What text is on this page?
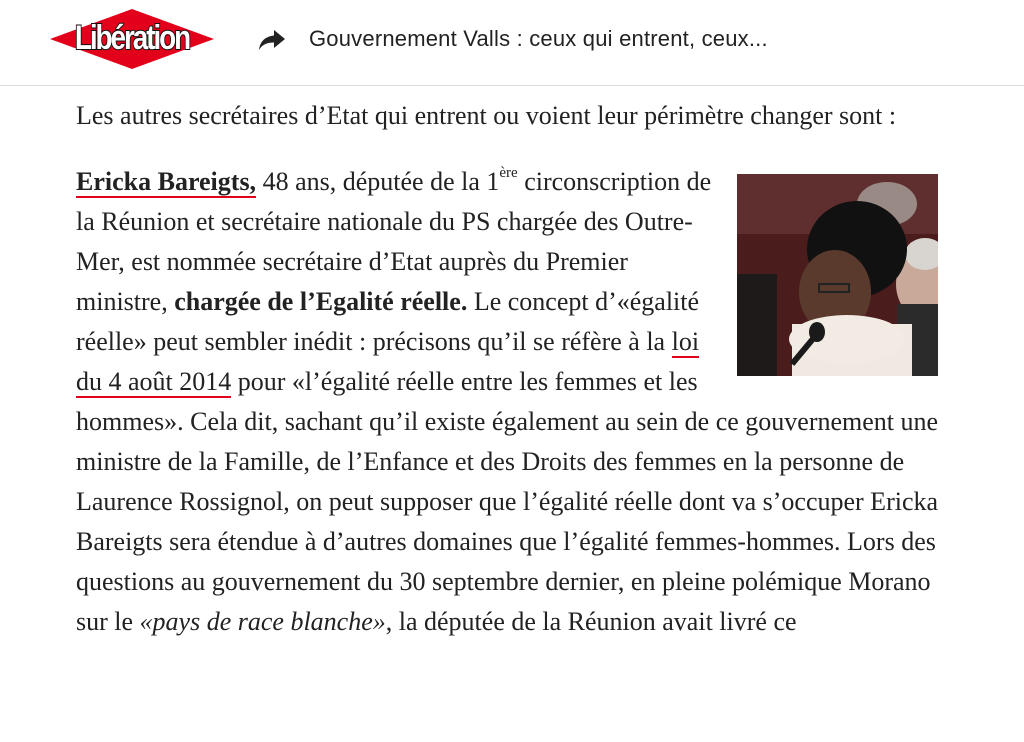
Libération	Gouvernement Valls : ceux qui entrent, ceux...

Les autres secrétaires d’Etat qui entrent ou voient leur périmètre changer sont :

Ericka Bareigts, 48 ans, députée de la 1ère circonscription de la Réunion et secrétaire nationale du PS chargée des Outre-Mer, est nommée secrétaire d’Etat auprès du Premier ministre, chargée de l’Egalité réelle. Le concept d’«égalité réelle» peut sembler inédit : précisons qu’il se réfère à la loi du 4 août 2014 pour «l’égalité réelle entre les femmes et les hommes». Cela dit, sachant qu’il existe également au sein de ce gouvernement une ministre de la Famille, de l’Enfance et des Droits des femmes en la personne de Laurence Rossignol, on peut supposer que l’égalité réelle dont va s’occuper Ericka Bareigts sera étendue à d’autres domaines que l’égalité femmes-hommes. Lors des questions au gouvernement du 30 septembre dernier, en pleine polémique Morano sur le «pays de race blanche», la députée de la Réunion avait livré ce
